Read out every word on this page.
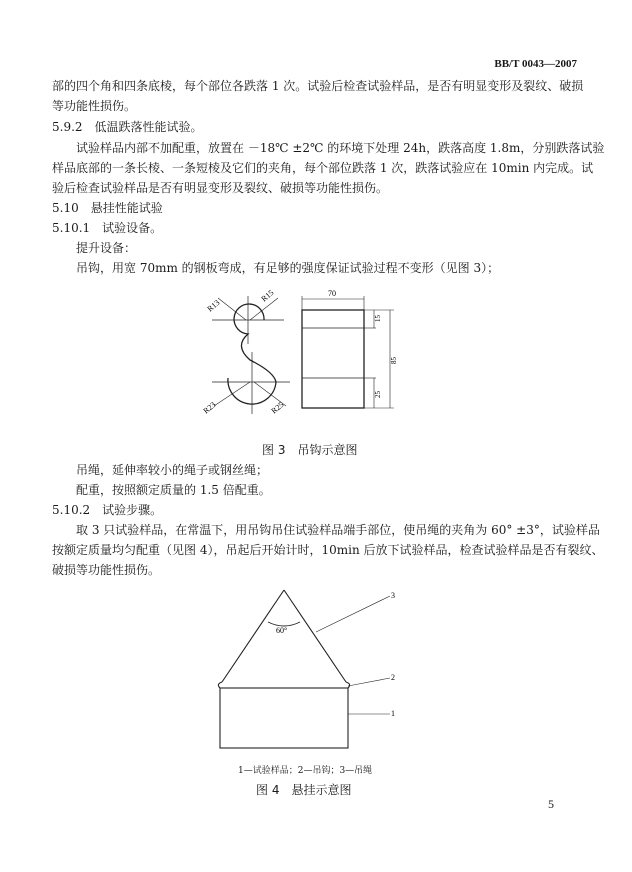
BB/T 0043—2007
部的四个角和四条底棱，每个部位各跌落 1 次。试验后检查试验样品，是否有明显变形及裂纹、破损
等功能性损伤。
5.9.2　低温跌落性能试验。
试验样品内部不加配重，放置在 －18℃ ±2℃ 的环境下处理 24h，跌落高度 1.8m，分别跌落试验
样品底部的一条长棱、一条短棱及它们的夹角，每个部位跌落 1 次，跌落试验应在 10min 内完成。试
验后检查试验样品是否有明显变形及裂纹、破损等功能性损伤。
5.10　悬挂性能试验
5.10.1　试验设备。
提升设备：
吊钩，用宽 70mm 的钢板弯成，有足够的强度保证试验过程不变形（见图 3）；
R13
R15
R23	R25
70
15
85
25
图 3　吊钩示意图
吊绳，延伸率较小的绳子或钢丝绳；
配重，按照额定质量的 1.5 倍配重。
5.10.2　试验步骤。
取 3 只试验样品，在常温下，用吊钩吊住试验样品端手部位，使吊绳的夹角为 60° ±3°，试验样品
按额定质量均匀配重（见图 4），吊起后开始计时，10min 后放下试验样品，检查试验样品是否有裂纹、
破损等功能性损伤。
60°
3
2
1
1—试验样品；2—吊钩；3—吊绳
图 4　悬挂示意图
5
